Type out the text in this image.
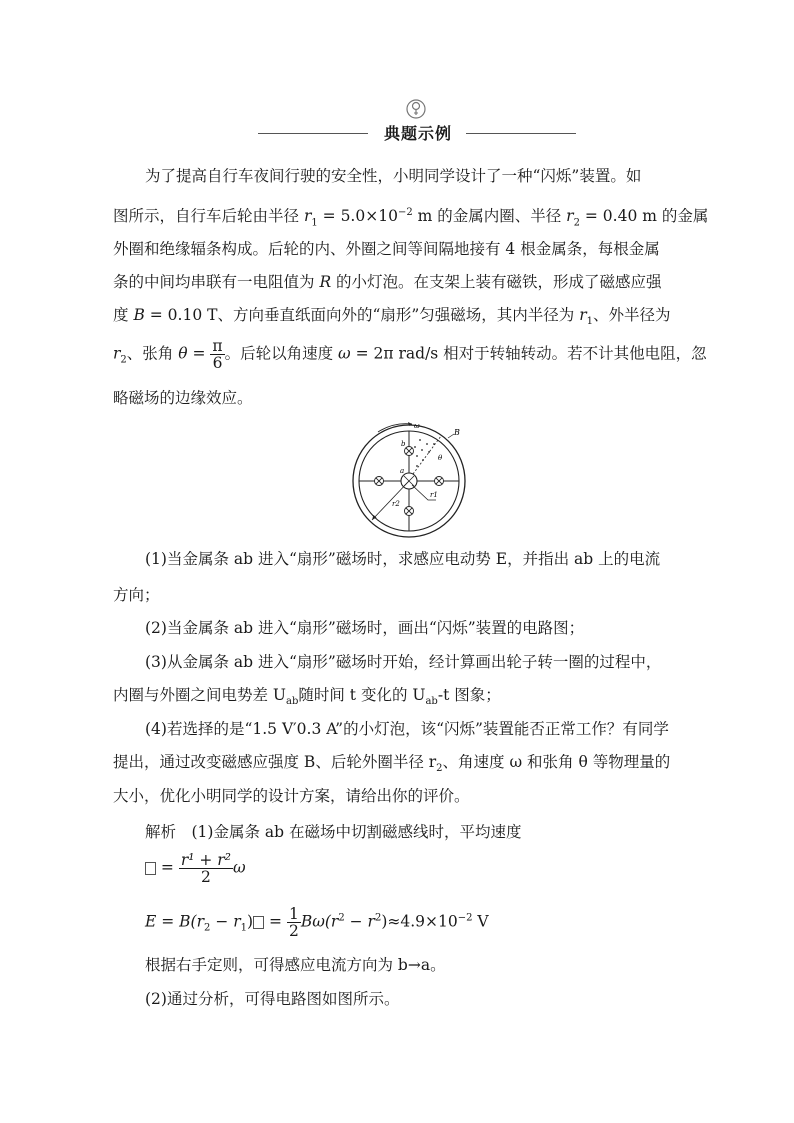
典题示例

为了提高自行车夜间行驶的安全性，小明同学设计了一种“闪烁”装置。如

图所示，自行车后轮由半径 $r_1 = 5.0\times 10^{-2}$ m 的金属内圈、半径 $r_2 = 0.40$ m 的金属

外圈和绝缘辐条构成。后轮的内、外圈之间等间隔地接有 4 根金属条，每根金属

条的中间均串联有一电阻值为 R 的小灯泡。在支架上装有磁铁，形成了磁感应强

度 B = 0.10 T、方向垂直纸面向外的“扇形”匀强磁场，其内半径为 $r_1$、外半径为

$r_2$、张角 $\theta = \frac{\pi}{6}$ 。后轮以角速度 ω = 2π rad/s 相对于转轴转动。若不计其他电阻，忽

略磁场的边缘效应。

ω
B
b
a
θ
r1
r2

(1)当金属条 ab 进入“扇形”磁场时，求感应电动势 E，并指出 ab 上的电流

方向；

(2)当金属条 ab 进入“扇形”磁场时，画出“闪烁”装置的电路图；

(3)从金属条 ab 进入“扇形”磁场时开始，经计算画出轮子转一圈的过程中，

内圈与外圈之间电势差 $U_{ab}$随时间 t 变化的 $U_{ab}-t$ 图象；

(4)若选择的是“1.5 V′0.3 A”的小灯泡，该“闪烁”装置能否正常工作？有同学

提出，通过改变磁感应强度 B、后轮外圈半径 $r_2$、角速度 ω 和张角 θ 等物理量的

大小，优化小明同学的设计方案，请给出你的评价。

解析　(1)金属条 ab 在磁场中切割磁感线时，平均速度

= $\frac{\text{r¹ + r²}}{2}$ ω

$E = B(r_2 - r_1) = \frac{1}{2} B\omega(r^2 - r^2)\approx 4.9\times 10^{-2}$ V

根据右手定则，可得感应电流方向为 b→a。

(2)通过分析，可得电路图如图所示。
